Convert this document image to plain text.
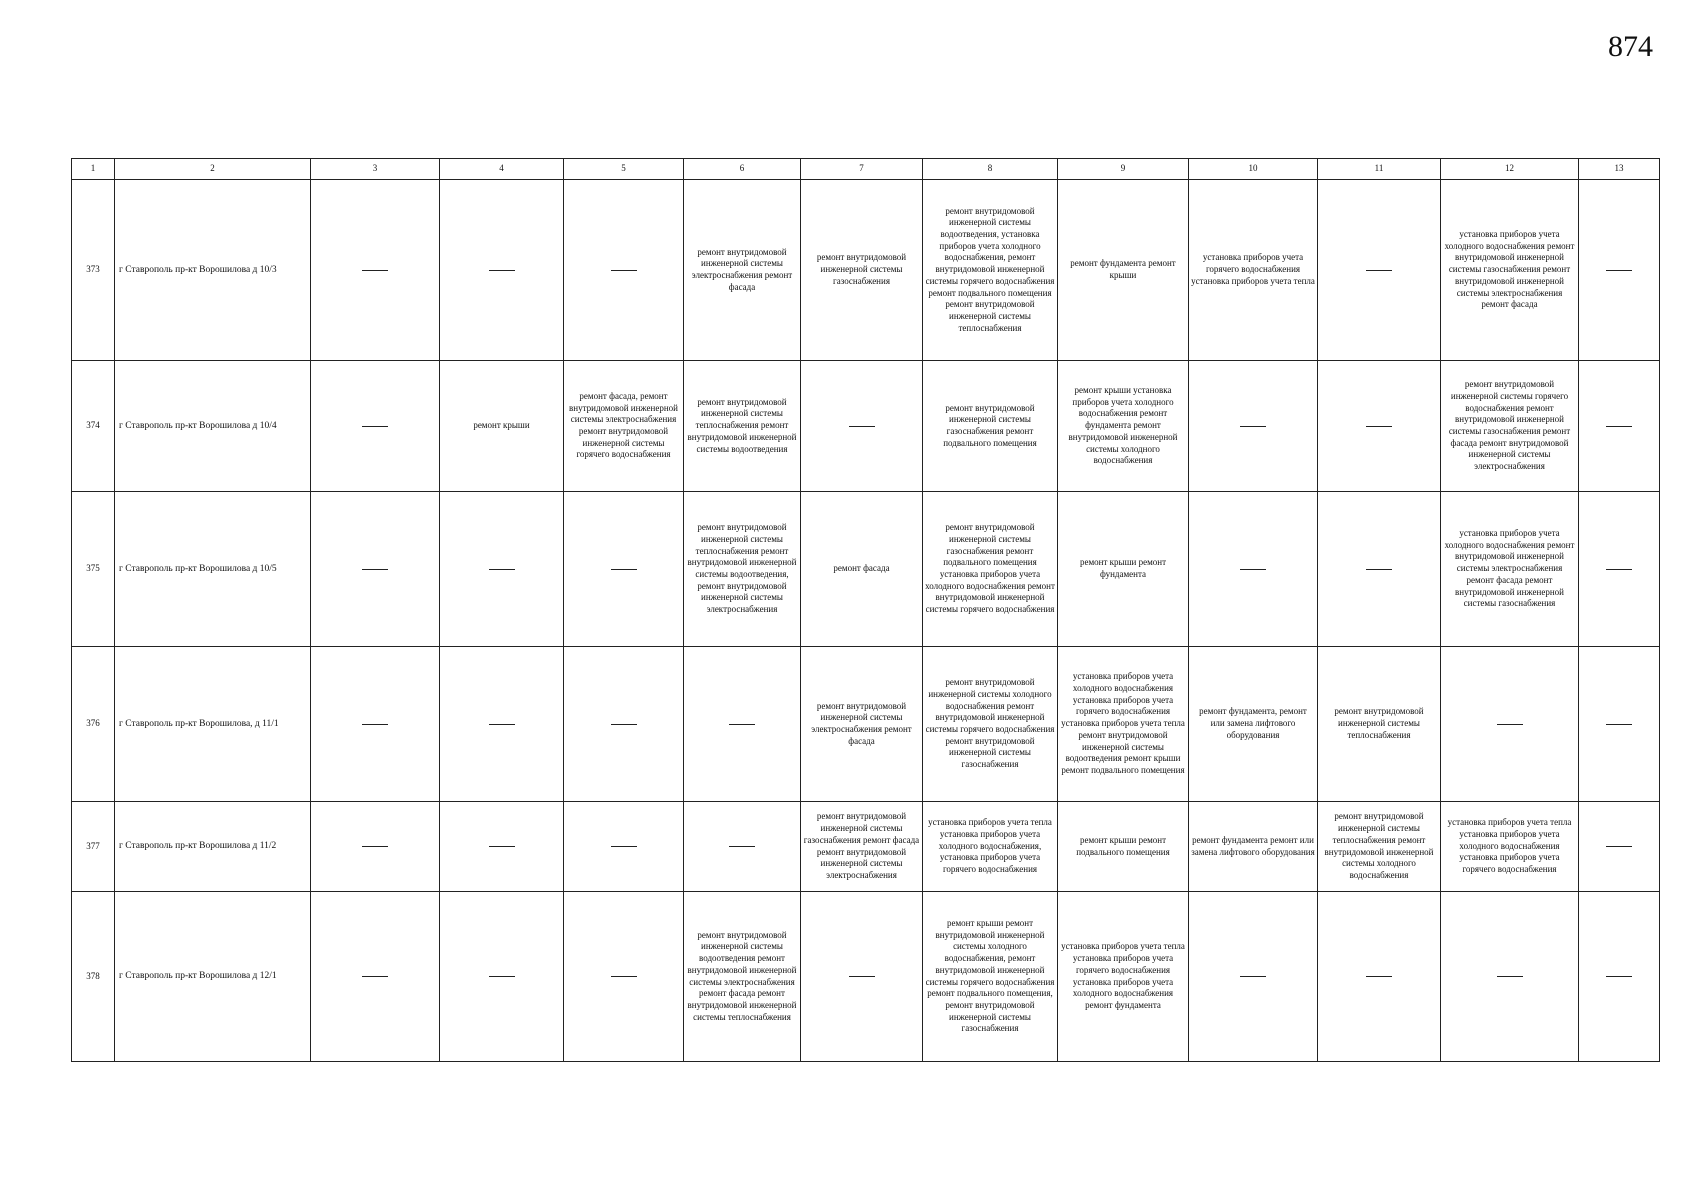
874
1	2	3	4	5	6	7	8	9	10	11	12	13
373	г Ставрополь пр-кт Ворошилова д 10/3				ремонт внутридомовой инженерной системы электроснабжения ремонт фасада	ремонт внутридомовой инженерной системы газоснабжения	ремонт внутридомовой инженерной системы водоотведения, установка приборов учета холодного водоснабжения, ремонт внутридомовой инженерной системы горячего водоснабжения ремонт подвального помещения ремонт внутридомовой инженерной системы теплоснабжения	ремонт фундамента ремонт крыши	установка приборов учета горячего водоснабжения установка приборов учета тепла		установка приборов учета холодного водоснабжения ремонт внутридомовой инженерной системы газоснабжения ремонт внутридомовой инженерной системы электроснабжения ремонт фасада	
374	г Ставрополь пр-кт Ворошилова д 10/4		ремонт крыши	ремонт фасада, ремонт внутридомовой инженерной системы электроснабжения ремонт внутридомовой инженерной системы горячего водоснабжения	ремонт внутридомовой инженерной системы теплоснабжения ремонт внутридомовой инженерной системы водоотведения		ремонт внутридомовой инженерной системы газоснабжения ремонт подвального помещения	ремонт крыши установка приборов учета холодного водоснабжения ремонт фундамента ремонт внутридомовой инженерной системы холодного водоснабжения			ремонт внутридомовой инженерной системы горячего водоснабжения ремонт внутридомовой инженерной системы газоснабжения ремонт фасада ремонт внутридомовой инженерной системы электроснабжения	
375	г Ставрополь пр-кт Ворошилова д 10/5				ремонт внутридомовой инженерной системы теплоснабжения ремонт внутридомовой инженерной системы водоотведения, ремонт внутридомовой инженерной системы электроснабжения	ремонт фасада	ремонт внутридомовой инженерной системы газоснабжения ремонт подвального помещения установка приборов учета холодного водоснабжения ремонт внутридомовой инженерной системы горячего водоснабжения	ремонт крыши ремонт фундамента			установка приборов учета холодного водоснабжения ремонт внутридомовой инженерной системы электроснабжения ремонт фасада ремонт внутридомовой инженерной системы газоснабжения	
376	г Ставрополь пр-кт Ворошилова, д 11/1					ремонт внутридомовой инженерной системы электроснабжения ремонт фасада	ремонт внутридомовой инженерной системы холодного водоснабжения ремонт внутридомовой инженерной системы горячего водоснабжения ремонт внутридомовой инженерной системы газоснабжения	установка приборов учета холодного водоснабжения установка приборов учета горячего водоснабжения установка приборов учета тепла ремонт внутридомовой инженерной системы водоотведения ремонт крыши ремонт подвального помещения	ремонт фундамента, ремонт или замена лифтового оборудования	ремонт внутридомовой инженерной системы теплоснабжения		
377	г Ставрополь пр-кт Ворошилова д 11/2					ремонт внутридомовой инженерной системы газоснабжения ремонт фасада ремонт внутридомовой инженерной системы электроснабжения	установка приборов учета тепла установка приборов учета холодного водоснабжения, установка приборов учета горячего водоснабжения	ремонт крыши ремонт подвального помещения	ремонт фундамента ремонт или замена лифтового оборудования	ремонт внутридомовой инженерной системы теплоснабжения ремонт внутридомовой инженерной системы холодного водоснабжения	установка приборов учета тепла установка приборов учета холодного водоснабжения установка приборов учета горячего водоснабжения	
378	г Ставрополь пр-кт Ворошилова д 12/1				ремонт внутридомовой инженерной системы водоотведения ремонт внутридомовой инженерной системы электроснабжения ремонт фасада ремонт внутридомовой инженерной системы теплоснабжения		ремонт крыши ремонт внутридомовой инженерной системы холодного водоснабжения, ремонт внутридомовой инженерной системы горячего водоснабжения ремонт подвального помещения, ремонт внутридомовой инженерной системы газоснабжения	установка приборов учета тепла установка приборов учета горячего водоснабжения установка приборов учета холодного водоснабжения ремонт фундамента				
